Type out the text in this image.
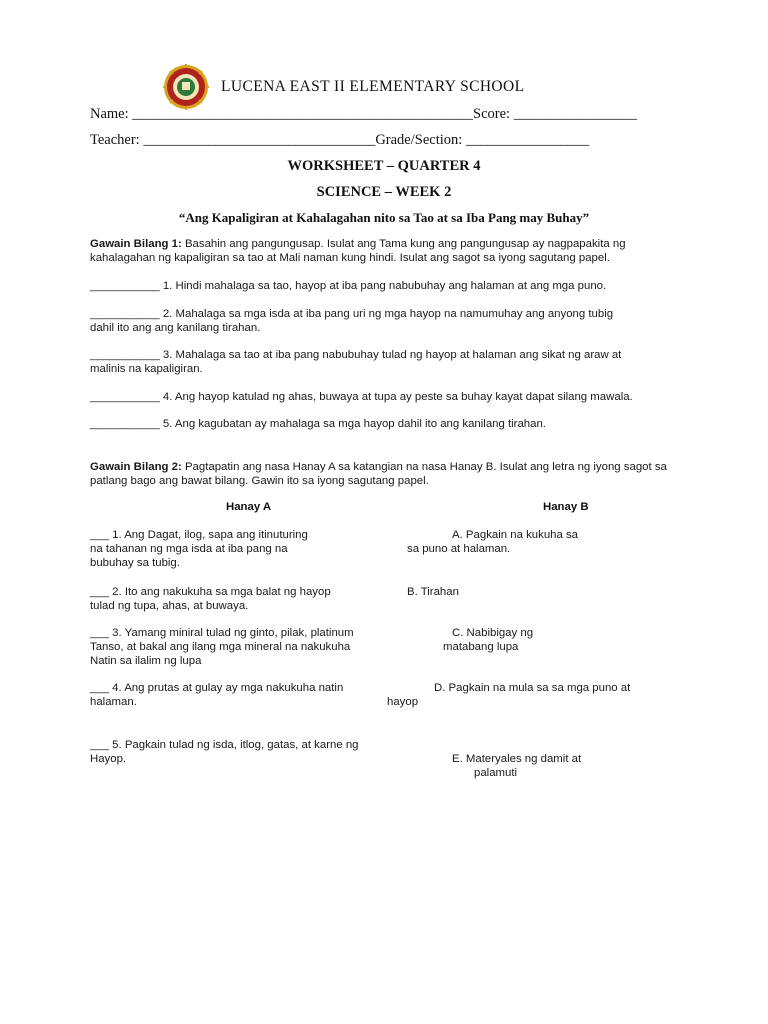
LUCENA EAST II ELEMENTARY SCHOOL
Name: _______________________________________________Score: _________________
Teacher: ________________________________Grade/Section: _________________
WORKSHEET – QUARTER 4
SCIENCE – WEEK 2
“Ang Kapaligiran at Kahalagahan nito sa Tao at sa Iba Pang may Buhay”
Gawain Bilang 1: Basahin ang pangungusap. Isulat ang Tama kung ang pangungusap ay nagpapakita ng kahalagahan ng kapaligiran sa tao at Mali naman kung hindi. Isulat ang sagot sa iyong sagutang papel.
___________ 1. Hindi mahalaga sa tao, hayop at iba pang nabubuhay ang halaman at ang mga puno.
___________ 2. Mahalaga sa mga isda at iba pang uri ng mga hayop na namumuhay ang anyong tubig
dahil ito ang ang kanilang tirahan.
___________ 3. Mahalaga sa tao at iba pang nabubuhay tulad ng hayop at halaman ang sikat ng araw at
malinis na kapaligiran.
___________ 4. Ang hayop katulad ng ahas, buwaya at tupa ay peste sa buhay kayat dapat silang mawala.
___________ 5. Ang kagubatan ay mahalaga sa mga hayop dahil ito ang kanilang tirahan.
Gawain Bilang 2: Pagtapatin ang nasa Hanay A sa katangian na nasa Hanay B. Isulat ang letra ng iyong sagot sa patlang bago ang bawat bilang. Gawin ito sa iyong sagutang papel.
Hanay A	Hanay B
___ 1. Ang Dagat, ilog, sapa ang itinuturing
na tahanan ng mga isda at iba pang na
bubuhay sa tubig.
___ 2. Ito ang nakukuha sa mga balat ng hayop
tulad ng tupa, ahas, at buwaya.
___ 3. Yamang miniral tulad ng ginto, pilak, platinum
Tanso, at bakal ang ilang mga mineral na nakukuha
Natin sa ilalim ng lupa
___ 4. Ang prutas at gulay ay mga nakukuha natin
halaman.
___ 5. Pagkain tulad ng isda, itlog, gatas, at karne ng
Hayop.
A. Pagkain na kukuha sa
sa puno at halaman.
B. Tirahan
C. Nabibigay ng
matabang lupa
D. Pagkain na mula sa sa mga puno at
hayop
E. Materyales ng damit at
palamuti
